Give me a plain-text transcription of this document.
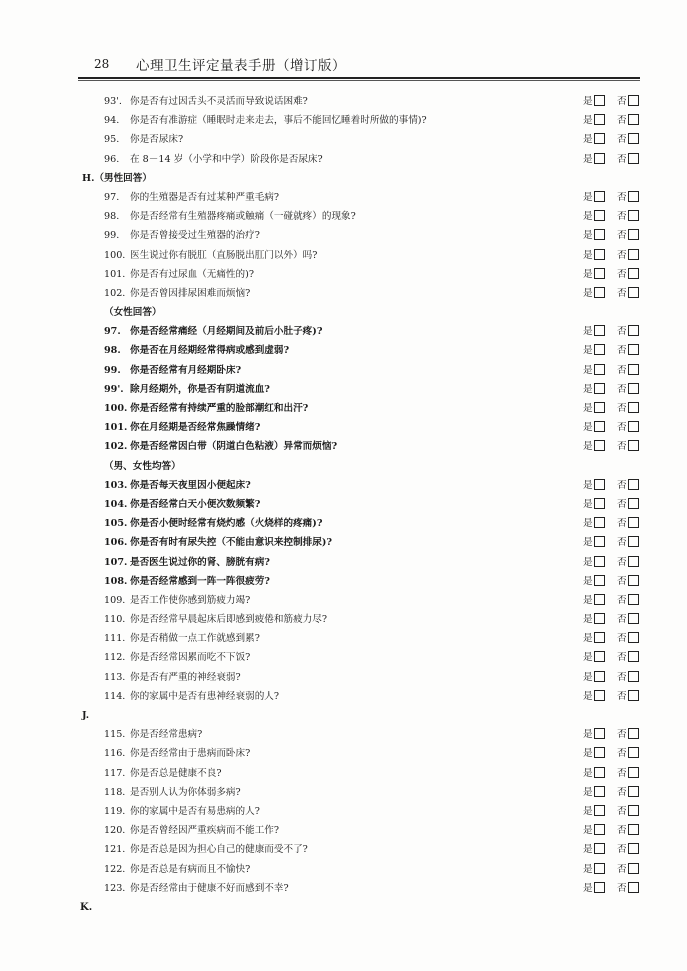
28 心理卫生评定量表手册（增订版）
93'. 你是否有过因舌头不灵活而导致说话困难?	是	否
94.	你是否有准游症（睡眠时走来走去，事后不能回忆睡着时所做的事情)?	是	否
95.	你是否尿床?	是	否
96.	在 8－14 岁（小学和中学）阶段你是否尿床?	是	否
H.（男性回答）
97.	你的生殖器是否有过某种严重毛病?	是	否
98.	你是否经常有生殖器疼痛或触痛（一碰就疼）的现象?	是	否
99.	你是否曾接受过生殖器的治疗?	是	否
100. 医生说过你有脱肛（直肠脱出肛门以外）吗?	是	否
101. 你是否有过尿血（无痛性的)?	是	否
102. 你是否曾因排尿困难而烦恼?	是	否
（女性回答）
97. 你是否经常痛经（月经期间及前后小肚子疼)?	是	否
98. 你是否在月经期经常得病或感到虚弱?	是	否
99. 你是否经常有月经期卧床?	是	否
99'. 除月经期外，你是否有阴道流血?	是	否
100. 你是否经常有持续严重的脸部潮红和出汗?	是	否
101. 你在月经期是否经常焦躁情绪?	是	否
102. 你是否经常因白带（阴道白色粘液）异常而烦恼?	是	否
（男、女性均答）
103. 你是否每天夜里因小便起床?	是	否
104. 你是否经常白天小便次数频繁?	是	否
105. 你是否小便时经常有烧灼感（火烧样的疼痛)?	是	否
106. 你是否有时有尿失控（不能由意识来控制排尿)?	是	否
107. 是否医生说过你的肾、膀胱有病?	是	否
108. 你是否经常感到一阵一阵很疲劳?	是	否
109. 是否工作使你感到筋疲力竭?	是	否
110. 你是否经常早晨起床后即感到疲倦和筋疲力尽?	是	否
111. 你是否稍做一点工作就感到累?	是	否
112. 你是否经常因累而吃不下饭?	是	否
113. 你是否有严重的神经衰弱?	是	否
114. 你的家属中是否有患神经衰弱的人?	是	否
J.
115. 你是否经常患病?	是	否
116. 你是否经常由于患病而卧床?	是	否
117. 你是否总是健康不良?	是	否
118. 是否别人认为你体弱多病?	是	否
119. 你的家属中是否有易患病的人?	是	否
120. 你是否曾经因严重疾病而不能工作?	是	否
121. 你是否总是因为担心自己的健康而受不了?	是	否
122. 你是否总是有病而且不愉快?	是	否
123. 你是否经常由于健康不好而感到不幸?	是	否
K.
